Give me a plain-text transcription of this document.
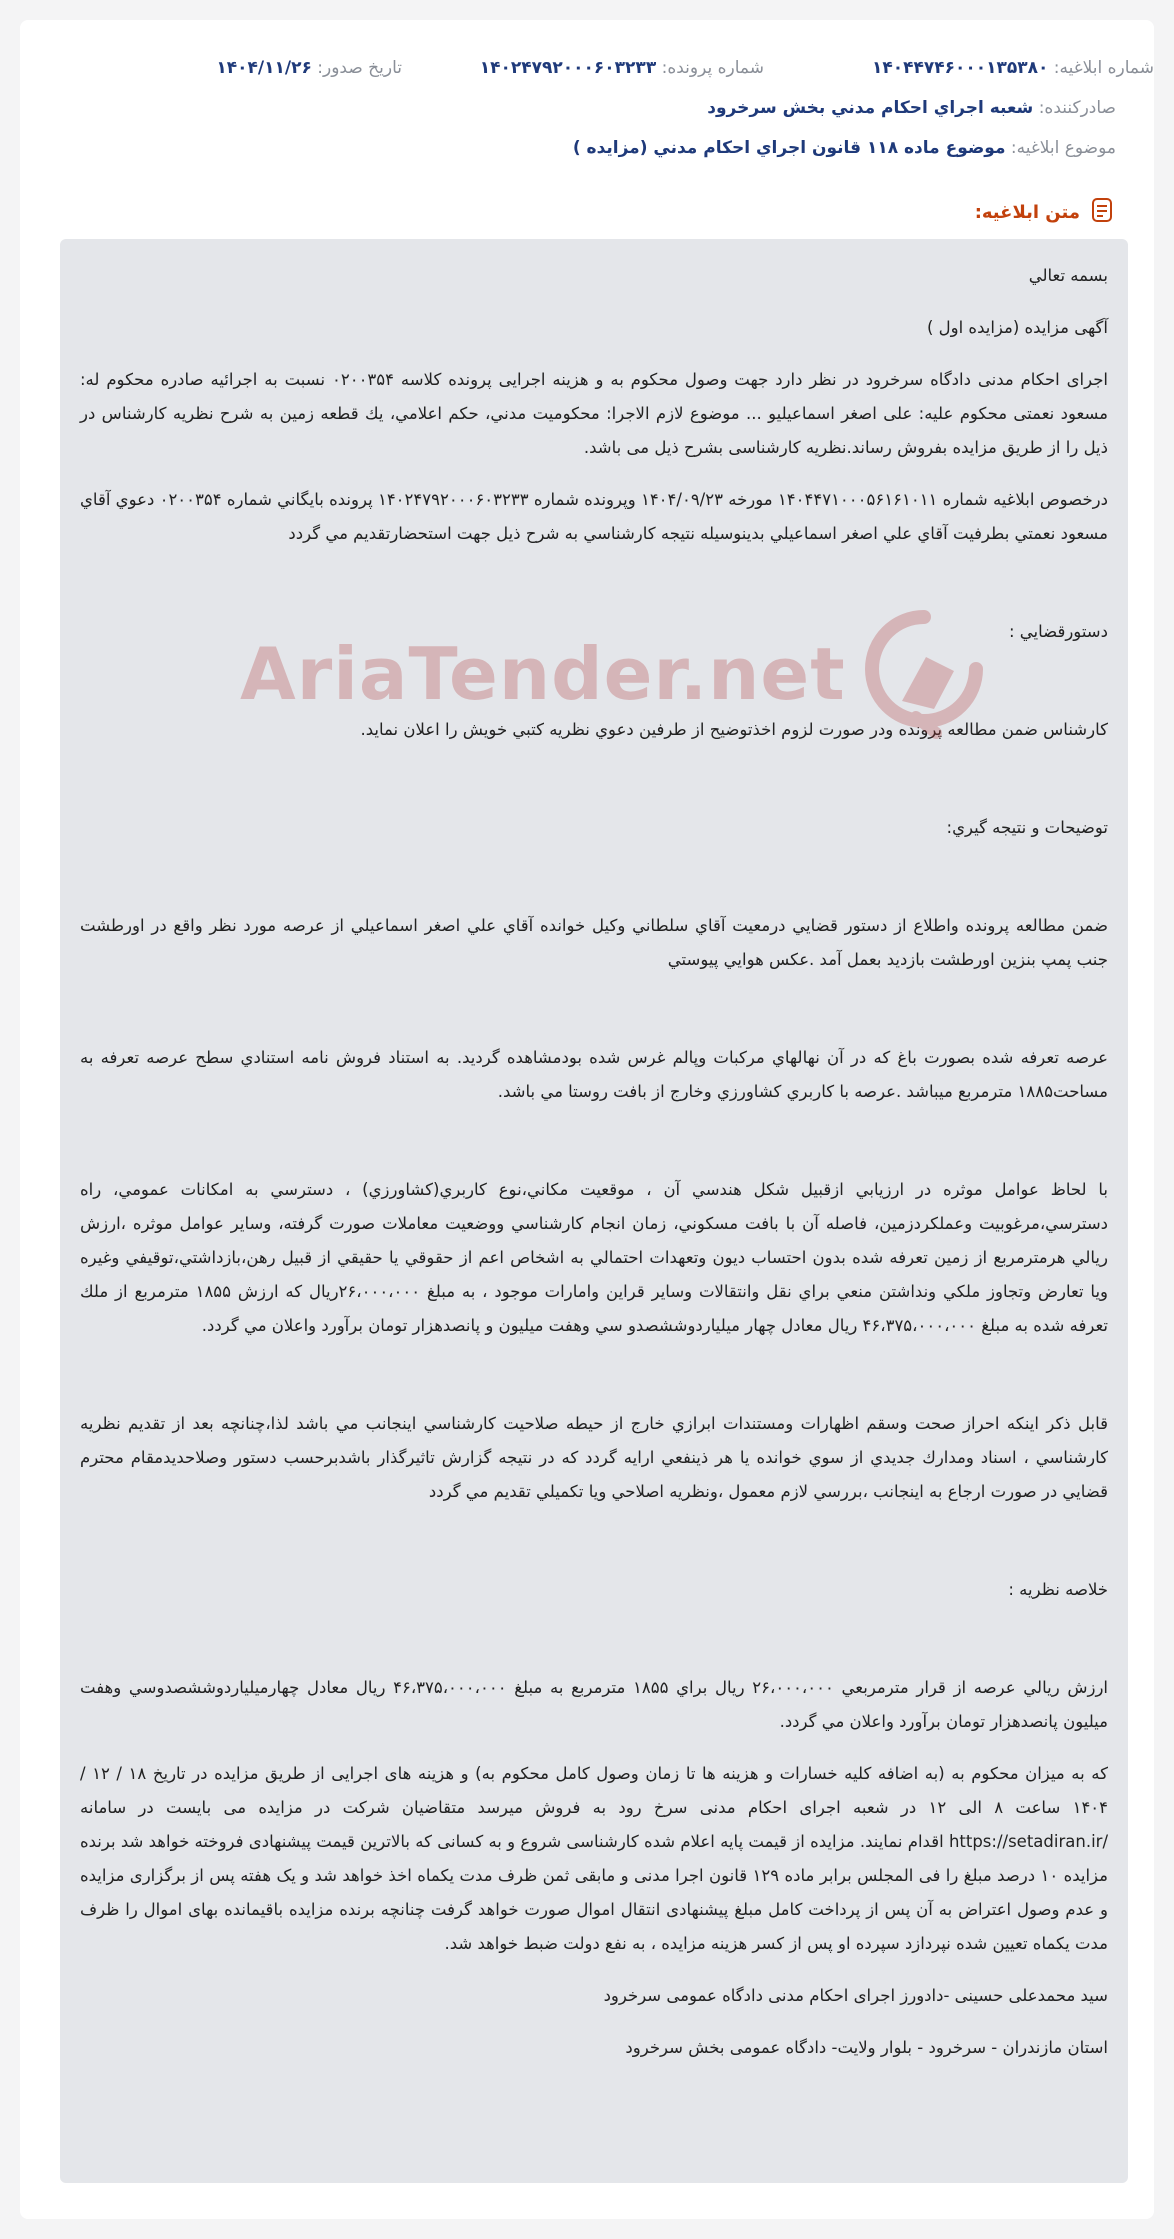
شماره ابلاغيه: ۱۴۰۴۴۷۴۶۰۰۰۱۳۵۳۸۰
شماره پرونده: ۱۴۰۲۴۷۹۲۰۰۰۶۰۳۲۳۳
تاريخ صدور: ۱۴۰۴/۱۱/۲۶
صادركننده: شعبه اجراي احكام مدني بخش سرخرود
موضوع ابلاغيه: موضوع ماده ۱۱۸ قانون اجراي احكام مدني (مزايده )
متن ابلاغيه:
AriaTender.net

بسمه تعالي

آگهی مزایده (مزایده اول )

اجرای احکام مدنی دادگاه سرخرود در نظر دارد جهت وصول محکوم به و هزینه اجرایی پرونده کلاسه ۰۲۰۰۳۵۴ نسبت به اجرائیه صادره محکوم له: مسعود نعمتی محکوم علیه: علی اصغر اسماعیلیو ... موضوع لازم الاجرا: محکومیت مدني، حكم اعلامي، يك قطعه زمین به شرح نظریه کارشناس در ذیل را از طریق مزایده بفروش رساند.نظریه کارشناسی بشرح ذیل می باشد.

درخصوص ابلاغيه شماره ۱۴۰۴۴۷۱۰۰۰۵۶۱۶۱۰۱۱ مورخه ۱۴۰۴/۰۹/۲۳ وپرونده شماره ۱۴۰۲۴۷۹۲۰۰۰۶۰۳۲۳۳ پرونده بايگاني شماره ۰۲۰۰۳۵۴ دعوي آقاي مسعود نعمتي بطرفيت آقاي علي اصغر اسماعيلي بدينوسيله نتيجه كارشناسي به شرح ذيل جهت استحضارتقديم مي گردد

دستورقضايي :

كارشناس ضمن مطالعه پرونده ودر صورت لزوم اخذتوضيح از طرفين دعوي نظريه كتبي خويش را اعلان نمايد.

توضيحات و نتيجه گيري:

ضمن مطالعه پرونده واطلاع از دستور قضايي درمعيت آقاي سلطاني وكيل خوانده آقاي علي اصغر اسماعيلي از عرصه مورد نظر واقع در اورطشت جنب پمپ بنزين اورطشت بازديد بعمل آمد .عكس هوايي پيوستي

عرصه تعرفه شده بصورت باغ كه در آن نهالهاي مركبات وپالم غرس شده بودمشاهده گرديد. به استناد فروش نامه استنادي سطح عرصه تعرفه به مساحت۱۸۸۵ مترمربع ميباشد .عرصه با كاربري كشاورزي وخارج از بافت روستا مي باشد.

با لحاظ عوامل موثره در ارزيابي ازقبيل شكل هندسي آن ، موقعيت مكاني،نوع كاربري(كشاورزي) ، دسترسي به امكانات عمومي، راه دسترسي،مرغوبيت وعملكردزمين، فاصله آن با بافت مسكوني، زمان انجام كارشناسي ووضعيت معاملات صورت گرفته، وساير عوامل موثره ،ارزش ريالي هرمترمربع از زمين تعرفه شده بدون احتساب ديون وتعهدات احتمالي به اشخاص اعم از حقوقي يا حقيقي از قبيل رهن،بازداشتي،توقيفي وغيره ويا تعارض وتجاوز ملكي ونداشتن منعي براي نقل وانتقالات وساير قراين وامارات موجود ، به مبلغ ۲۶،۰۰۰،۰۰۰ريال كه ارزش ۱۸۵۵ مترمربع از ملك تعرفه شده به مبلغ ۴۶،۳۷۵،۰۰۰،۰۰۰ ريال معادل چهار ميلياردوششصدو سي وهفت ميليون و پانصدهزار تومان برآورد واعلان مي گردد.

قابل ذكر اينكه احراز صحت وسقم اظهارات ومستندات ابرازي خارج از حيطه صلاحيت كارشناسي اينجانب مي باشد لذا،چنانچه بعد از تقديم نظريه كارشناسي ، اسناد ومدارك جديدي از سوي خوانده يا هر ذينفعي ارايه گردد كه در نتيجه گزارش تاثيرگذار باشدبرحسب دستور وصلاحديدمقام محترم قضايي در صورت ارجاع به اينجانب ،بررسي لازم معمول ،ونظريه اصلاحي ويا تكميلي تقديم مي گردد

خلاصه نظريه :

ارزش ريالي عرصه از قرار مترمربعي ۲۶،۰۰۰،۰۰۰ ريال براي ۱۸۵۵ مترمربع به مبلغ ۴۶،۳۷۵،۰۰۰،۰۰۰ ريال معادل چهارميلياردوششصدوسي وهفت ميليون پانصدهزار تومان برآورد واعلان مي گردد.

که به میزان محکوم به (به اضافه کلیه خسارات و هزینه ها تا زمان وصول کامل محکوم به) و هزینه های اجرایی از طریق مزایده در تاریخ ۱۸ / ۱۲ / ۱۴۰۴ ساعت ۸ الی ۱۲ در شعبه اجرای احکام مدنی سرخ رود به فروش میرسد متقاضیان شرکت در مزایده می بایست در سامانه /https://setadiran.ir اقدام نمایند. مزایده از قیمت پایه اعلام شده کارشناسی شروع و به کسانی که بالاترین قیمت پیشنهادی فروخته خواهد شد برنده مزایده ۱۰ درصد مبلغ را فی المجلس برابر ماده ۱۲۹ قانون اجرا مدنی و مابقی ثمن ظرف مدت یکماه اخذ خواهد شد و یک هفته پس از برگزاری مزایده و عدم وصول اعتراض به آن پس از پرداخت کامل مبلغ پیشنهادی انتقال اموال صورت خواهد گرفت چنانچه برنده مزایده باقیمانده بهای اموال را ظرف مدت یکماه تعیین شده نپردازد سپرده او پس از کسر هزینه مزایده ، به نفع دولت ضبط خواهد شد.

سید محمدعلی حسینی -دادورز اجرای احکام مدنی دادگاه عمومی سرخرود

استان مازندران - سرخرود - بلوار ولایت- دادگاه عمومی بخش سرخرود
